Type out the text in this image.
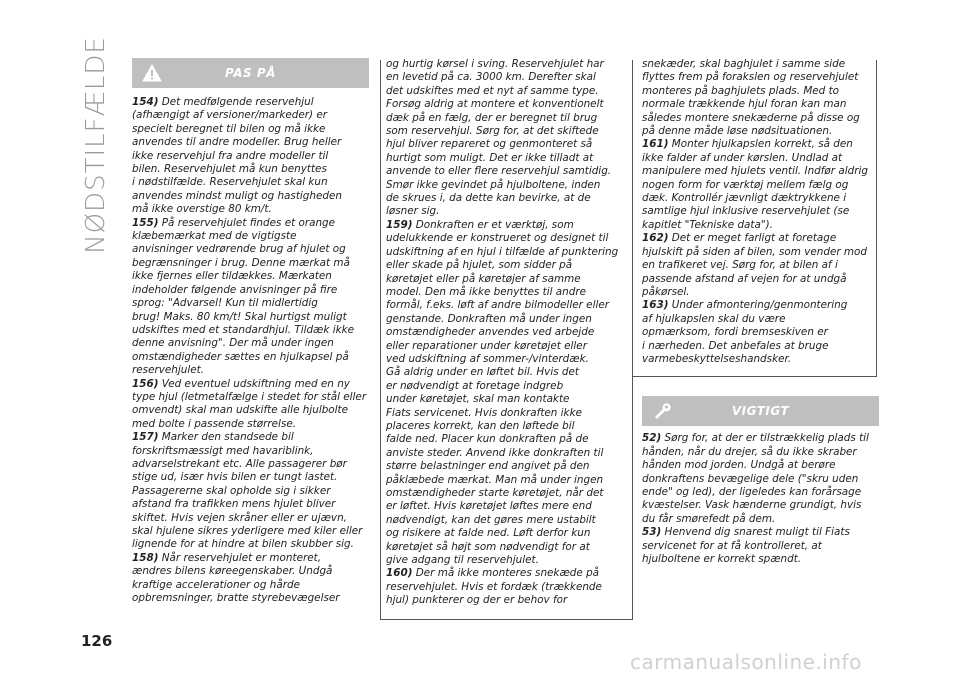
NØDSTILFÆLDE	PAS PÅ
154) Det medfølgende reservehjul
(afhængigt af versioner/markeder) er
specielt beregnet til bilen og må ikke
anvendes til andre modeller. Brug heller
ikke reservehjul fra andre modeller til
bilen. Reservehjulet må kun benyttes
i nødstilfælde. Reservehjulet skal kun
anvendes mindst muligt og hastigheden
må ikke overstige 80 km/t.
155) På reservehjulet findes et orange
klæbemærkat med de vigtigste
anvisninger vedrørende brug af hjulet og
begrænsninger i brug. Denne mærkat må
ikke fjernes eller tildækkes. Mærkaten
indeholder følgende anvisninger på fire
sprog: "Advarsel! Kun til midlertidig
brug! Maks. 80 km/t! Skal hurtigst muligt
udskiftes med et standardhjul. Tildæk ikke
denne anvisning". Der må under ingen
omstændigheder sættes en hjulkapsel på
reservehjulet.
156) Ved eventuel udskiftning med en ny
type hjul (letmetalfælge i stedet for stål eller
omvendt) skal man udskifte alle hjulbolte
med bolte i passende størrelse.
157) Marker den standsede bil
forskriftsmæssigt med havariblink,
advarselstrekant etc. Alle passagerer bør
stige ud, især hvis bilen er tungt lastet.
Passagererne skal opholde sig i sikker
afstand fra trafikken mens hjulet bliver
skiftet. Hvis vejen skråner eller er ujævn,
skal hjulene sikres yderligere med kiler eller
lignende for at hindre at bilen skubber sig.
158) Når reservehjulet er monteret,
ændres bilens køreegenskaber. Undgå
kraftige accelerationer og hårde
opbremsninger, bratte styrebevægelser
og hurtig kørsel i sving. Reservehjulet har
en levetid på ca. 3000 km. Derefter skal
det udskiftes med et nyt af samme type.
Forsøg aldrig at montere et konventionelt
dæk på en fælg, der er beregnet til brug
som reservehjul. Sørg for, at det skiftede
hjul bliver repareret og genmonteret så
hurtigt som muligt. Det er ikke tilladt at
anvende to eller flere reservehjul samtidig.
Smør ikke gevindet på hjulboltene, inden
de skrues i, da dette kan bevirke, at de
løsner sig.
159) Donkraften er et værktøj, som
udelukkende er konstrueret og designet til
udskiftning af en hjul i tilfælde af punktering
eller skade på hjulet, som sidder på
køretøjet eller på køretøjer af samme
model. Den må ikke benyttes til andre
formål, f.eks. løft af andre bilmodeller eller
genstande. Donkraften må under ingen
omstændigheder anvendes ved arbejde
eller reparationer under køretøjet eller
ved udskiftning af sommer-/vinterdæk.
Gå aldrig under en løftet bil. Hvis det
er nødvendigt at foretage indgreb
under køretøjet, skal man kontakte
Fiats servicenet. Hvis donkraften ikke
placeres korrekt, kan den løftede bil
falde ned. Placer kun donkraften på de
anviste steder. Anvend ikke donkraften til
større belastninger end angivet på den
påklæbede mærkat. Man må under ingen
omstændigheder starte køretøjet, når det
er løftet. Hvis køretøjet løftes mere end
nødvendigt, kan det gøres mere ustabilt
og risikere at falde ned. Løft derfor kun
køretøjet så højt som nødvendigt for at
give adgang til reservehjulet.
160) Der må ikke monteres snekæde på
reservehjulet. Hvis et fordæk (trækkende
hjul) punkterer og der er behov for
snekæder, skal baghjulet i samme side
flyttes frem på forakslen og reservehjulet
monteres på baghjulets plads. Med to
normale trækkende hjul foran kan man
således montere snekæderne på disse og
på denne måde løse nødsituationen.
161) Monter hjulkapslen korrekt, så den
ikke falder af under kørslen. Undlad at
manipulere med hjulets ventil. Indfør aldrig
nogen form for værktøj mellem fælg og
dæk. Kontrollér jævnligt dæktrykkene i
samtlige hjul inklusive reservehjulet (se
kapitlet "Tekniske data").
162) Det er meget farligt at foretage
hjulskift på siden af bilen, som vender mod
en trafikeret vej. Sørg for, at bilen af i
passende afstand af vejen for at undgå
påkørsel.
163) Under afmontering/genmontering
af hjulkapslen skal du være
opmærksom, fordi bremseskiven er
i nærheden. Det anbefales at bruge
varmebeskyttelseshandsker.
VIGTIGT
52) Sørg for, at der er tilstrækkelig plads til
hånden, når du drejer, så du ikke skraber
hånden mod jorden. Undgå at berøre
donkraftens bevægelige dele ("skru uden
ende" og led), der ligeledes kan forårsage
kvæstelser. Vask hænderne grundigt, hvis
du får smørefedt på dem.
53) Henvend dig snarest muligt til Fiats
servicenet for at få kontrolleret, at
hjulboltene er korrekt spændt.
126
carmanualsonline.info
